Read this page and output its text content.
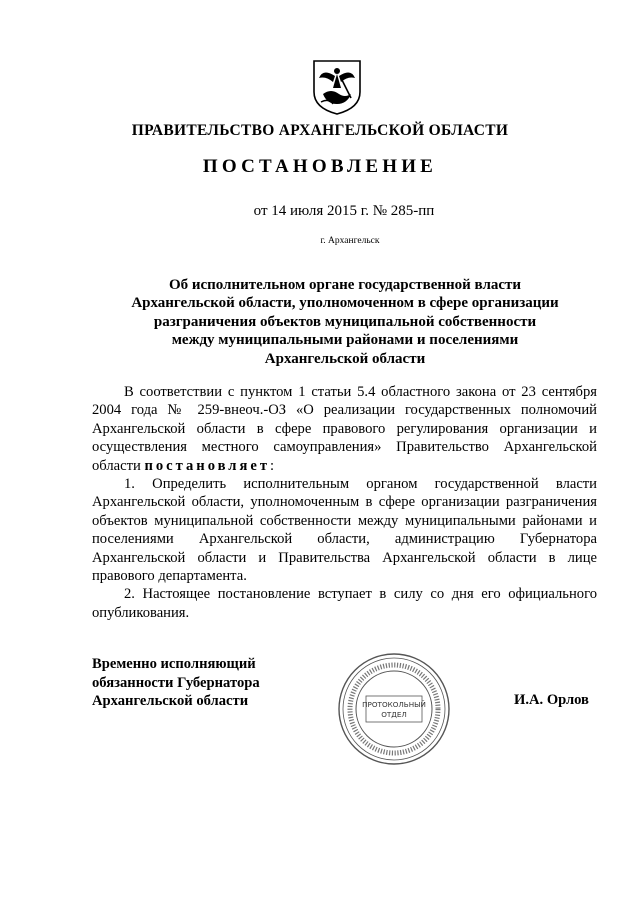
ПРАВИТЕЛЬСТВО АРХАНГЕЛЬСКОЙ ОБЛАСТИ
ПОСТАНОВЛЕНИЕ
от 14 июля 2015 г. № 285-пп
г. Архангельск
Об исполнительном органе государственной власти
Архангельской области, уполномоченном в сфере организации
разграничения объектов муниципальной собственности
между муниципальными районами и поселениями
Архангельской области

В соответствии с пунктом 1 статьи 5.4 областного закона от 23 сентября 2004 года № 259-внеоч.-ОЗ «О реализации государственных полномочий Архангельской области в сфере правового регулирования организации и осуществления местного самоуправления» Правительство Архангельской области постановляет:

1. Определить исполнительным органом государственной власти Архангельской области, уполномоченным в сфере организации разграничения объектов муниципальной собственности между муниципальными районами и поселениями Архангельской области, администрацию Губернатора Архангельской области и Правительства Архангельской области в лице правового департамента.

2. Настоящее постановление вступает в силу со дня его официального опубликования.

Временно исполняющий
обязанности Губернатора
Архангельской области	И.А. Орлов
ПРОТОКОЛЬНЫЙ
ОТДЕЛ
